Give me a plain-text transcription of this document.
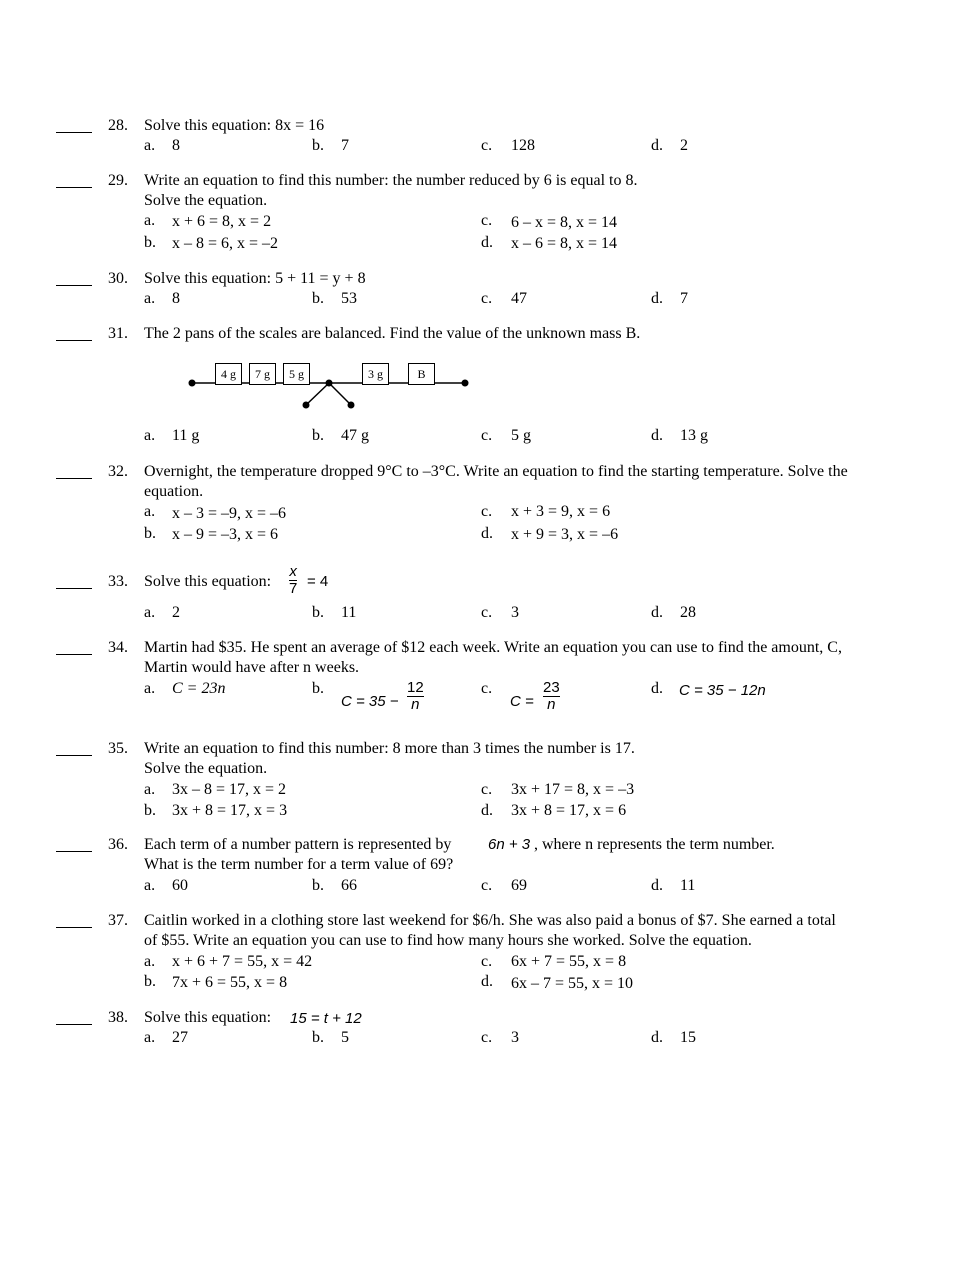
28. Solve this equation: 8x = 16
a.	8	b.	7	c.	128	d.	2
29. Write an equation to find this number: the number reduced by 6 is equal to 8.
Solve the equation.
a.	x + 6 = 8, x = 2	c.	6 – x = 8, x = 14
b.	x – 8 = 6, x = –2	d.	x – 6 = 8, x = 14
30. Solve this equation: 5 + 11 = y + 8
a.	8	b.	53	c.	47	d.	7
31. The 2 pans of the scales are balanced. Find the value of the unknown mass B.
4 g	7 g	5 g	3 g	B
a.	11 g	b.	47 g	c.	5 g	d.	13 g
32. Overnight, the temperature dropped 9°C to –3°C. Write an equation to find the starting temperature. Solve the
equation.
a.	x – 3 = –9, x = –6	c.	x + 3 = 9, x = 6
b.	x – 9 = –3, x = 6	d.	x + 9 = 3, x = –6
33. Solve this equation: $\frac{x}{7} = 4$
a.	2	b.	11	c.	3	d.	28
34. Martin had $35. He spent an average of $12 each week. Write an equation you can use to find the amount, C,
Martin would have after n weeks.
a.	C = 23n	b.
$C = 35 - \frac{12}{n}$	c.
$C = \frac{23}{n}$	d.	C = 35 − 12n
35. Write an equation to find this number: 8 more than 3 times the number is 17.
Solve the equation.
a.	3x – 8 = 17, x = 2	c.	3x + 17 = 8, x = –3
b.	3x + 8 = 17, x = 3	d.	3x + 8 = 17, x = 6
36. Each term of a number pattern is represented by 6n + 3 , where n represents the term number.
What is the term number for a term value of 69?
a.	60	b.	66	c.	69	d.	11
37. Caitlin worked in a clothing store last weekend for $6/h. She was also paid a bonus of $7. She earned a total
of $55. Write an equation you can use to find how many hours she worked. Solve the equation.
a.	x + 6 + 7 = 55, x = 42	c.	6x + 7 = 55, x = 8
b.	7x + 6 = 55, x = 8	d.	6x – 7 = 55, x = 10
38. Solve this equation: 15 = t + 12
a.	27	b.	5	c.	3	d.	15
